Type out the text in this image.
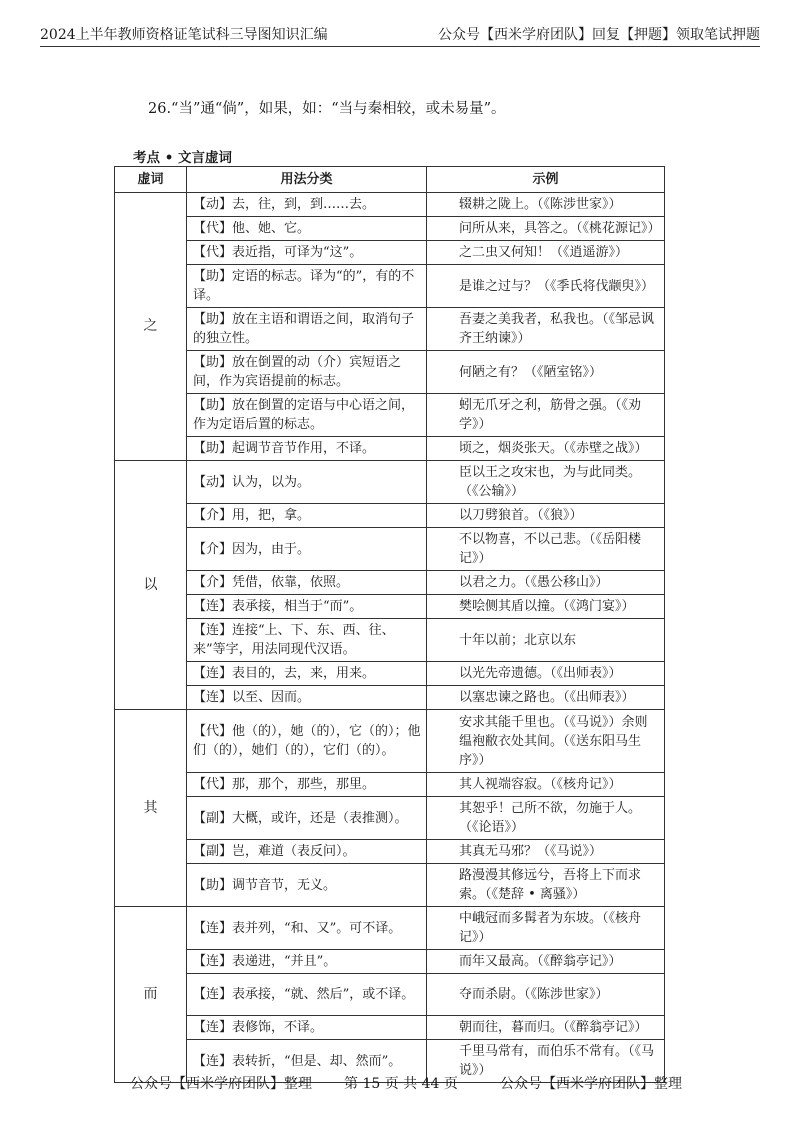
2024上半年教师资格证笔试科三导图知识汇编	公众号【西米学府团队】回复【押题】领取笔试押题
26.“当”通“倘”，如果，如：“当与秦相较，或未易量”。
考点 • 文言虚词
虚词	用法分类	示例
之	【动】去，往，到，到……去。	辍耕之陇上。（《陈涉世家》）
	【代】他、她、它。	问所从来，具答之。（《桃花源记》）
	【代】表近指，可译为“这”。	之二虫又何知！（《逍遥游》）
	【助】定语的标志。译为“的”，有的不译。	是谁之过与？（《季氏将伐颛臾》）
	【助】放在主语和谓语之间，取消句子的独立性。	吾妻之美我者，私我也。（《邹忌讽齐王纳谏》）
	【助】放在倒置的动（介）宾短语之间，作为宾语提前的标志。	何陋之有？（《陋室铭》）
	【助】放在倒置的定语与中心语之间，作为定语后置的标志。	蚓无爪牙之利，筋骨之强。（《劝学》）
	【助】起调节音节作用，不译。	顷之，烟炎张天。（《赤壁之战》）
以	【动】认为，以为。	臣以王之攻宋也，为与此同类。（《公输》）
	【介】用，把，拿。	以刀劈狼首。（《狼》）
	【介】因为，由于。	不以物喜，不以己悲。（《岳阳楼记》）
	【介】凭借，依靠，依照。	以君之力。（《愚公移山》）
	【连】表承接，相当于“而”。	樊哙侧其盾以撞。（《鸿门宴》）
	【连】连接“上、下、东、西、往、来”等字，用法同现代汉语。	十年以前；北京以东
	【连】表目的，去，来，用来。	以光先帝遗德。（《出师表》）
	【连】以至、因而。	以塞忠谏之路也。（《出师表》）
其	【代】他（的），她（的），它（的）；他们（的），她们（的），它们（的）。	安求其能千里也。（《马说》）余则缊袍敝衣处其间。（《送东阳马生序》）
	【代】那，那个，那些，那里。	其人视端容寂。（《核舟记》）
	【副】大概，或许，还是（表推测）。	其恕乎！己所不欲，勿施于人。（《论语》）
	【副】岂，难道（表反问）。	其真无马邪？（《马说》）
	【助】调节音节，无义。	路漫漫其修远兮，吾将上下而求索。（《楚辞 • 离骚》）
而	【连】表并列，“和、又”。可不译。	中峨冠而多髯者为东坡。（《核舟记》）
	【连】表递进，“并且”。	而年又最高。（《醉翁亭记》）
	【连】表承接，“就、然后”，或不译。	夺而杀尉。（《陈涉世家》）
	【连】表修饰，不译。	朝而往，暮而归。（《醉翁亭记》）
	【连】表转折，“但是、却、然而”。	千里马常有，而伯乐不常有。（《马说》）
公众号【西米学府团队】整理 第 15 页 共 44 页	公众号【西米学府团队】整理
